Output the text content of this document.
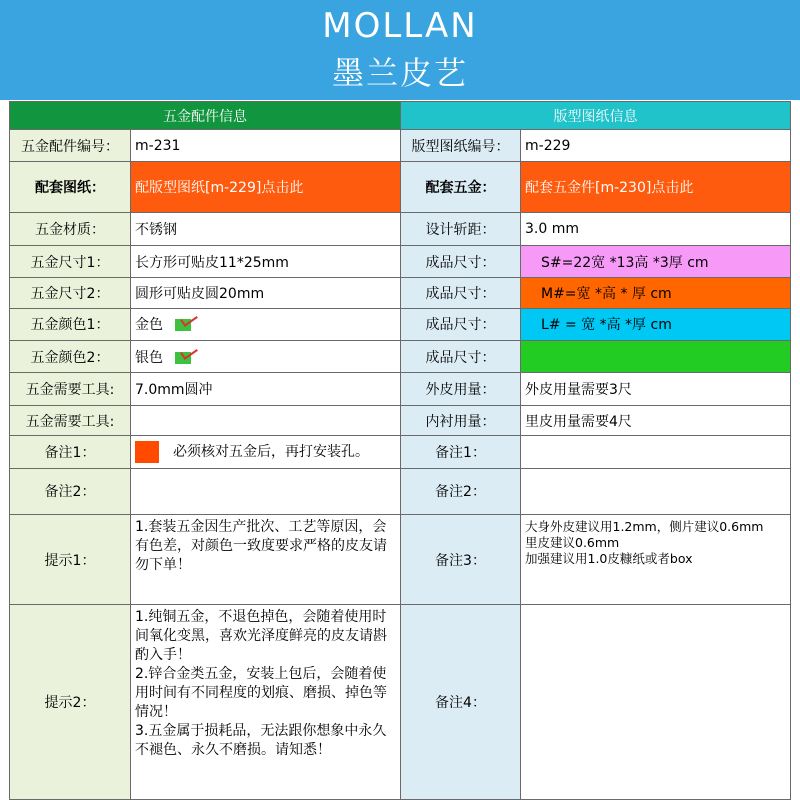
MOLLAN
墨兰皮艺
五金配件信息		版型图纸信息	
五金配件编号：	m-231	版型图纸编号：	m-229
配套图纸：	配版型图纸[m-229]点击此	配套五金：	配套五金件[m-230]点击此
五金材质：	不锈钢	设计斩距：	3.0 mm
五金尺寸1：	长方形可贴皮11*25mm	成品尺寸：	S#=22宽 *13高 *3厚 cm
五金尺寸2：	圆形可贴皮圆20mm	成品尺寸：	M#=宽 *高 * 厚 cm
五金颜色1：	金色	成品尺寸：	L# = 宽 *高 *厚 cm
五金颜色2：	银色	成品尺寸：	
五金需要工具:	7.0mm圆冲	外皮用量：	外皮用量需要3尺
五金需要工具:		内衬用量：	里皮用量需要4尺
备注1：	必须核对五金后，再打安装孔。	备注1：	
备注2：		备注2：	
提示1：	1.套装五金因生产批次、工艺等原因，会有色差，对颜色一致度要求严格的皮友请勿下单！	备注3：	大身外皮建议用1.2mm，侧片建议0.6mm
里皮建议0.6mm
加强建议用1.0皮糠纸或者box

提示2：	1.纯铜五金，不退色掉色，会随着使用时间氧化变黑，喜欢光泽度鲜亮的皮友请斟酌入手！
2.锌合金类五金，安装上包后，会随着使用时间有不同程度的划痕、磨损、掉色等情况！
3.五金属于损耗品，无法跟你想象中永久不褪色、永久不磨损。请知悉！	备注4：	
